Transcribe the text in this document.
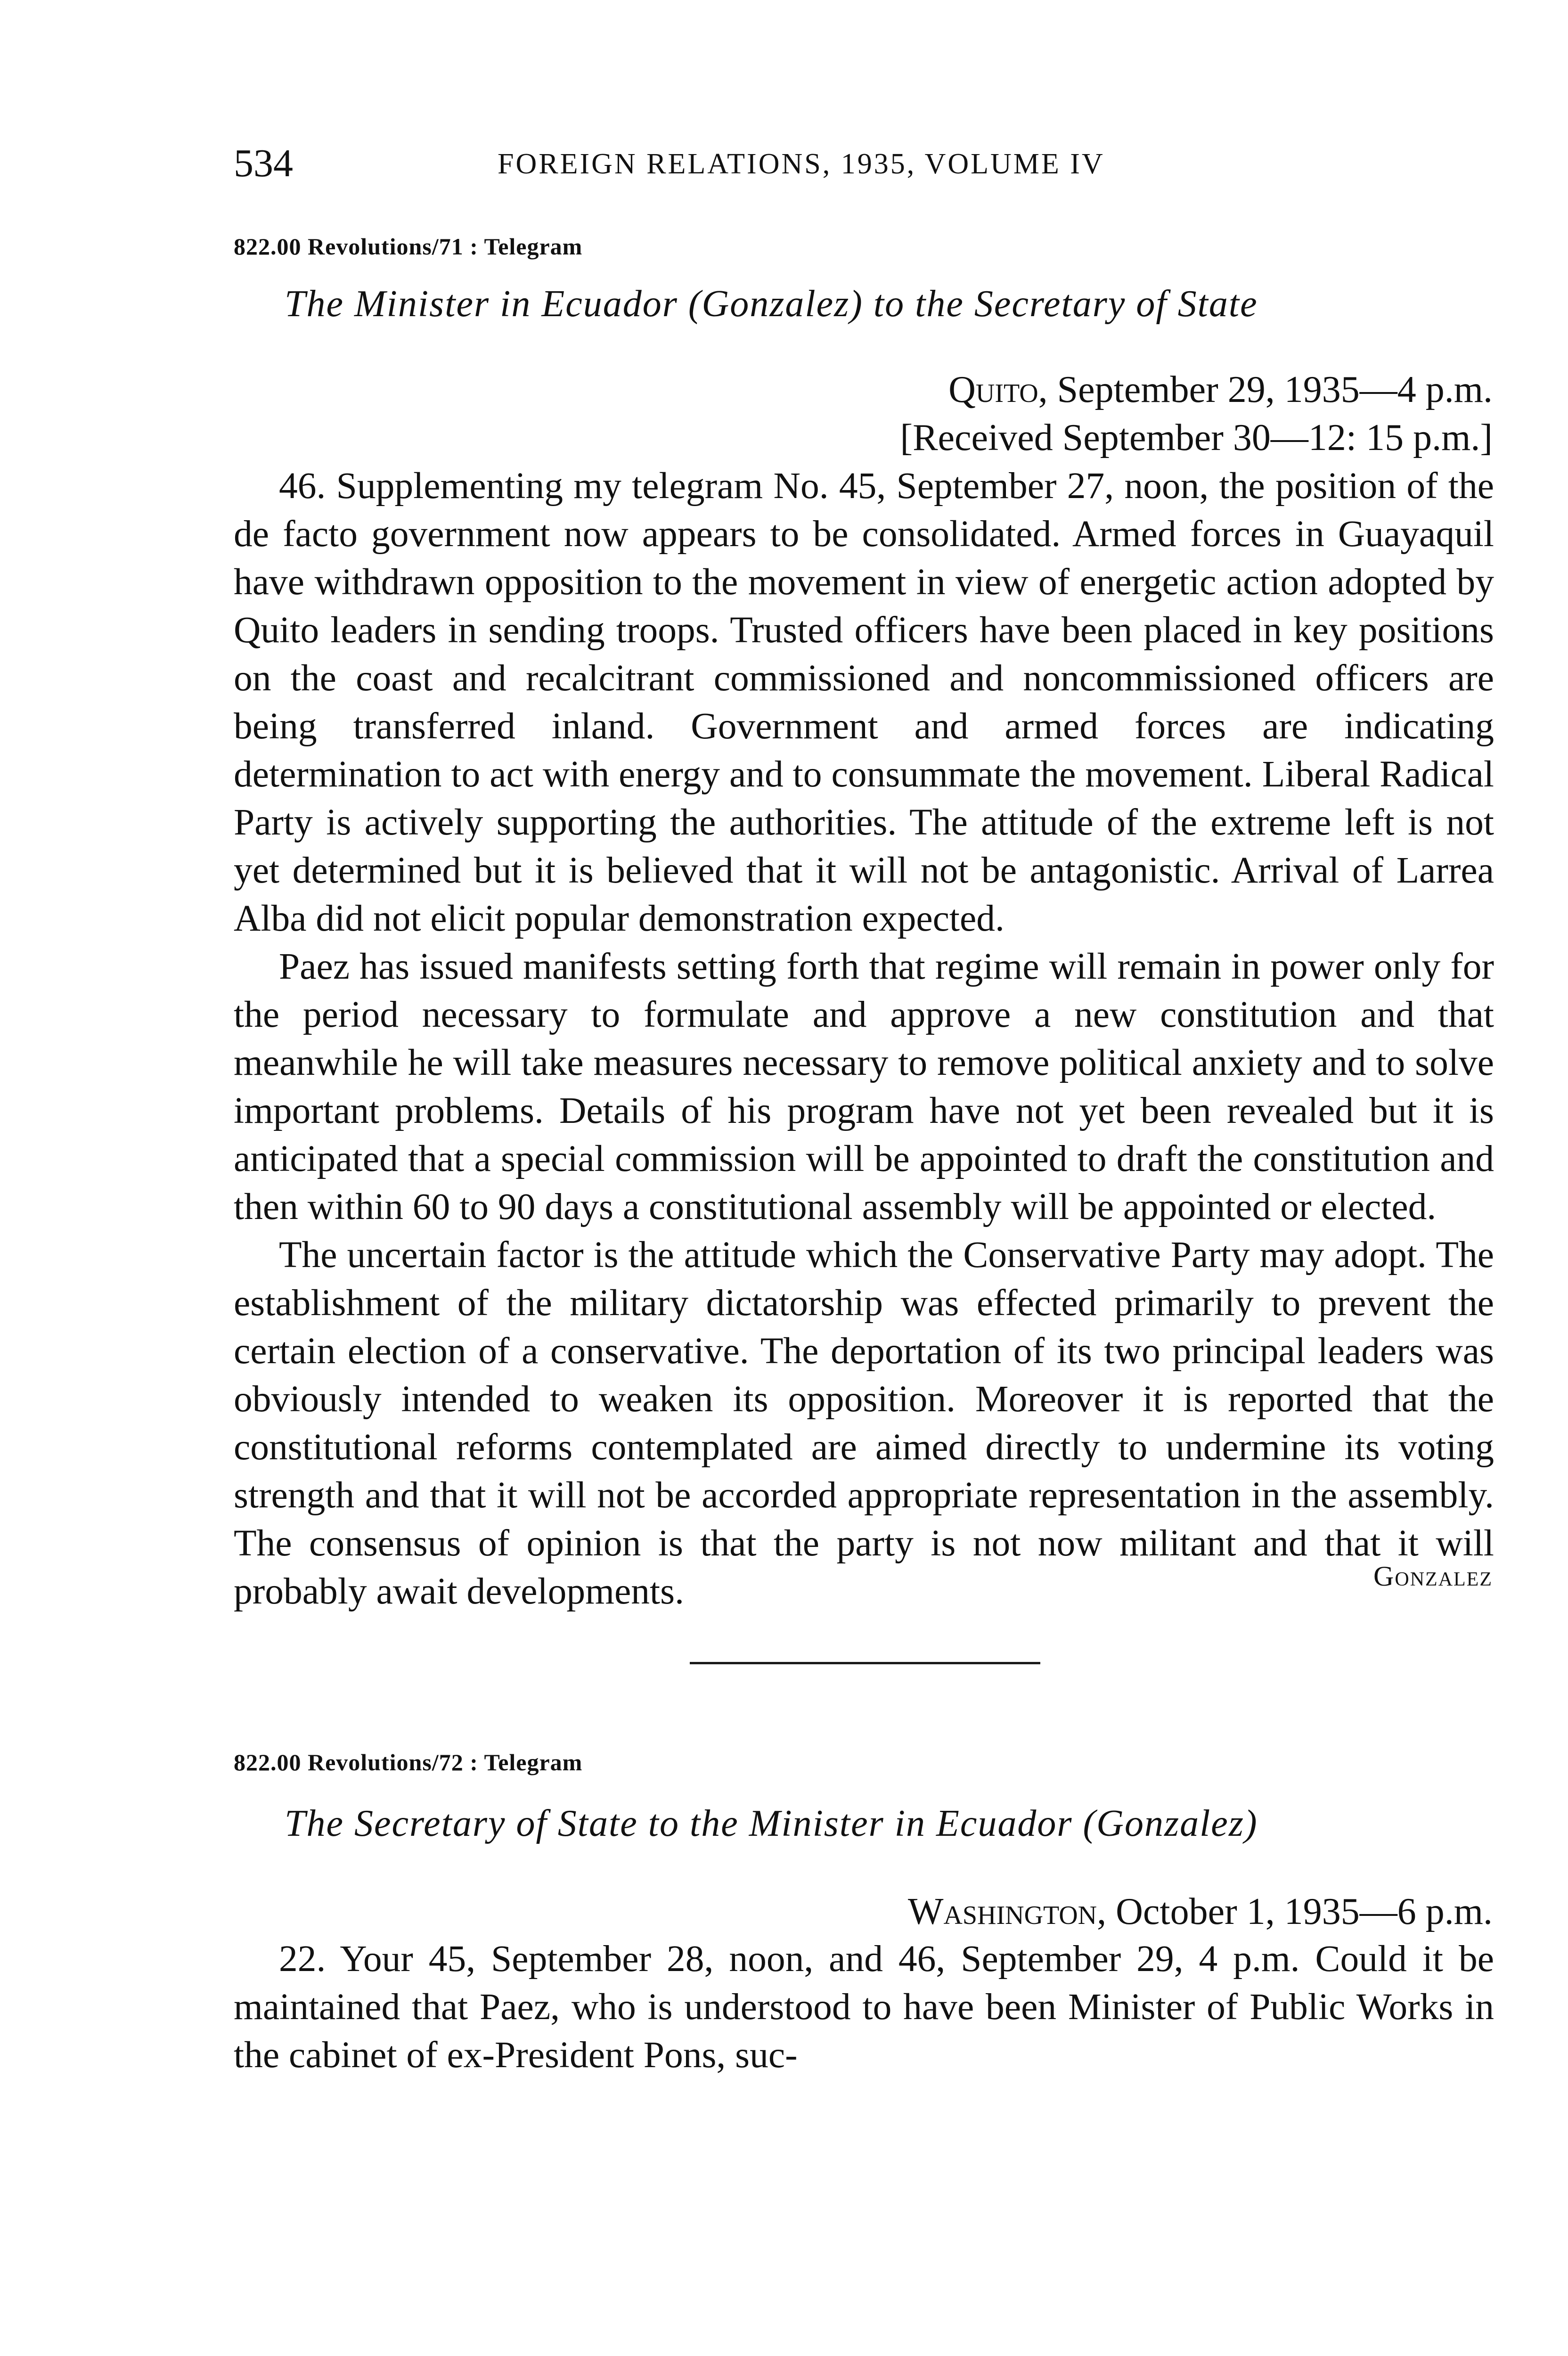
534	FOREIGN RELATIONS, 1935, VOLUME IV
822.00 Revolutions/71 : Telegram
The Minister in Ecuador (Gonzalez) to the Secretary of State
Quito, September 29, 1935—4 p.m.
[Received September 30—12: 15 p.m.]

46. Supplementing my telegram No. 45, September 27, noon, the position of the de facto government now appears to be consolidated. Armed forces in Guayaquil have withdrawn opposition to the movement in view of energetic action adopted by Quito leaders in sending troops. Trusted officers have been placed in key positions on the coast and recalcitrant commissioned and noncommissioned officers are being transferred inland. Government and armed forces are indicating determination to act with energy and to consummate the movement. Liberal Radical Party is actively supporting the authorities. The attitude of the extreme left is not yet determined but it is believed that it will not be antagonistic. Arrival of Larrea Alba did not elicit popular demonstration expected.

Paez has issued manifests setting forth that regime will remain in power only for the period necessary to formulate and approve a new constitution and that meanwhile he will take measures necessary to remove political anxiety and to solve important problems. Details of his program have not yet been revealed but it is anticipated that a special commission will be appointed to draft the constitution and then within 60 to 90 days a constitutional assembly will be appointed or elected.

The uncertain factor is the attitude which the Conservative Party may adopt. The establishment of the military dictatorship was effected primarily to prevent the certain election of a conservative. The deportation of its two principal leaders was obviously intended to weaken its opposition. Moreover it is reported that the constitutional reforms contemplated are aimed directly to undermine its voting strength and that it will not be accorded appropriate representation in the assembly. The consensus of opinion is that the party is not now militant and that it will probably await developments.	Gonzalez
822.00 Revolutions/72 : Telegram
The Secretary of State to the Minister in Ecuador (Gonzalez)
Washington, October 1, 1935—6 p.m.

22. Your 45, September 28, noon, and 46, September 29, 4 p.m. Could it be maintained that Paez, who is understood to have been Minister of Public Works in the cabinet of ex-President Pons, suc-
